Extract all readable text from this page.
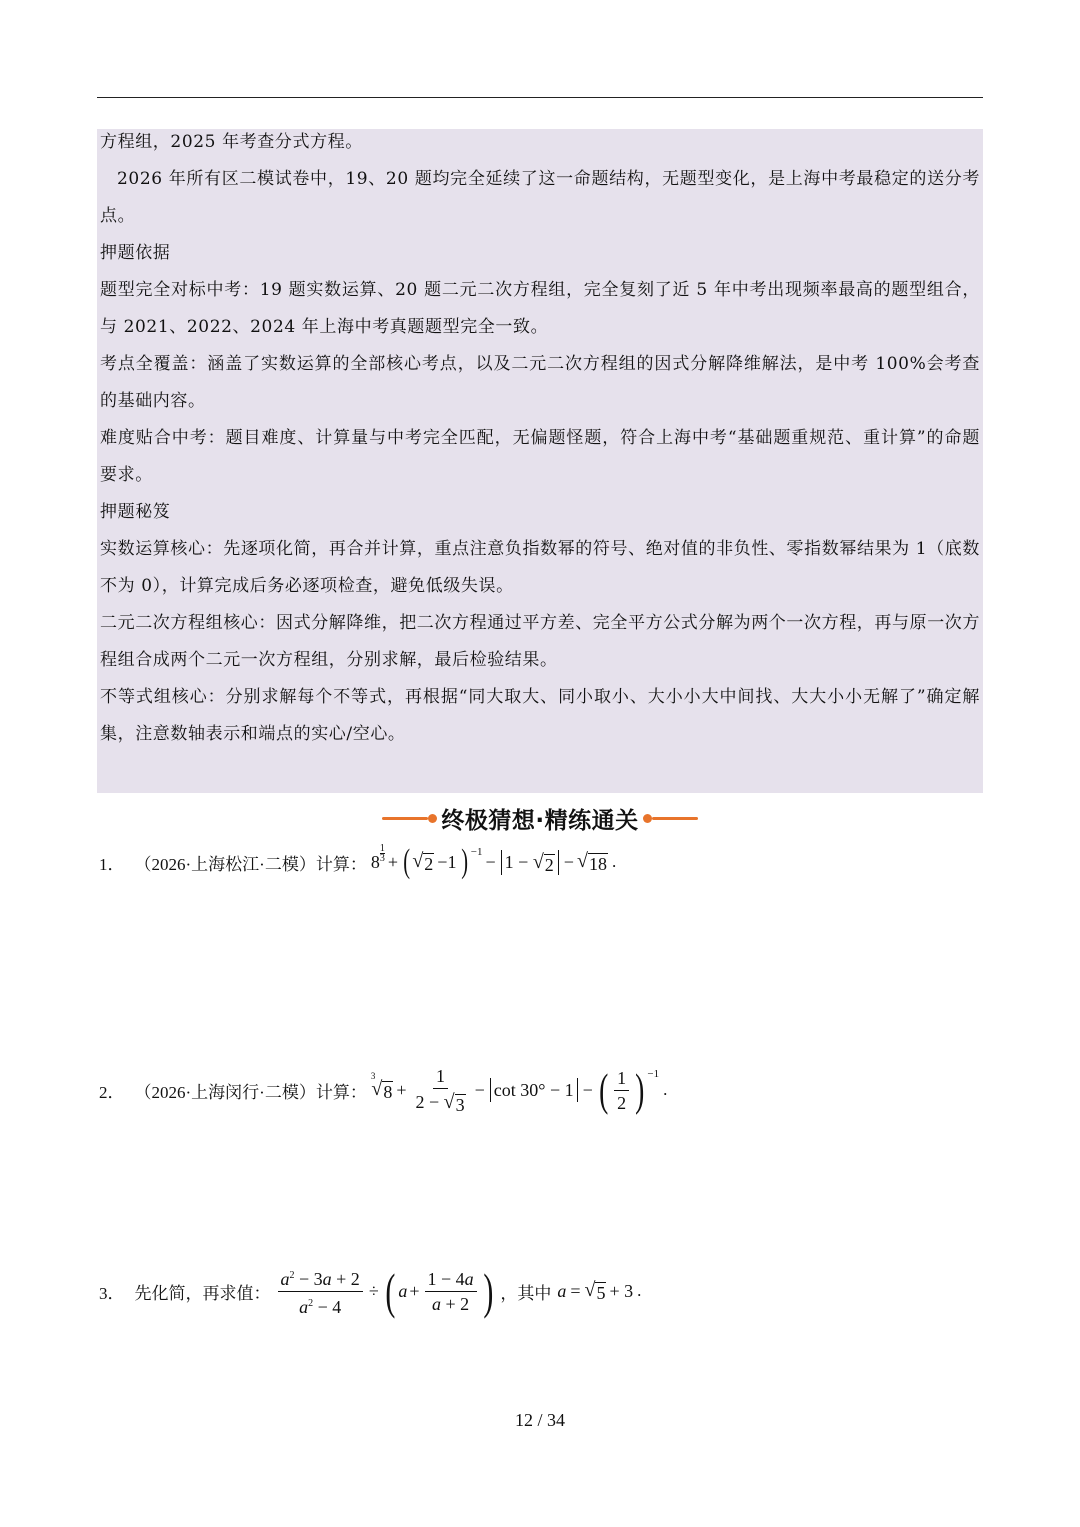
方程组，2025 年考查分式方程。
2026 年所有区二模试卷中，19、20 题均完全延续了这一命题结构，无题型变化，是上海中考最稳定的送分考点。
押题依据
题型完全对标中考：19 题实数运算、20 题二元二次方程组，完全复刻了近 5 年中考出现频率最高的题型组合，与 2021、2022、2024 年上海中考真题题型完全一致。
考点全覆盖：涵盖了实数运算的全部核心考点，以及二元二次方程组的因式分解降维解法，是中考 100%会考查的基础内容。
难度贴合中考：题目难度、计算量与中考完全匹配，无偏题怪题，符合上海中考“基础题重规范、重计算”的命题要求。
押题秘笈
实数运算核心：先逐项化简，再合并计算，重点注意负指数幂的符号、绝对值的非负性、零指数幂结果为 1（底数不为 0），计算完成后务必逐项检查，避免低级失误。
二元二次方程组核心：因式分解降维，把二次方程通过平方差、完全平方公式分解为两个一次方程，再与原一次方程组合成两个二元一次方程组，分别求解，最后检验结果。
不等式组核心：分别求解每个不等式，再根据“同大取大、同小取小、大小小大中间找、大大小小无解了”确定解集，注意数轴表示和端点的实心/空心。
终极猜想·精练通关
1． （2026·上海松江·二模）计算： 8
1
3 + ( √ 2 −1 ) −1 − 1 − √ 2 − √ 18 .
2． （2026·上海闵行·二模）计算：
3
√ $8 + \frac{1}{2 - √ 3} - \cot 30^\circ - 1$ − ( $\frac{1}{2}$ ) −1
.
3． 先化简，再求值： $\frac{a^2 - 3a + 2}{a^2 - 4}$ ÷ ( $a + \frac{1 - 4a}{a + 2}$ ) ，其中 a = √ 5 + 3 .
12 / 34
